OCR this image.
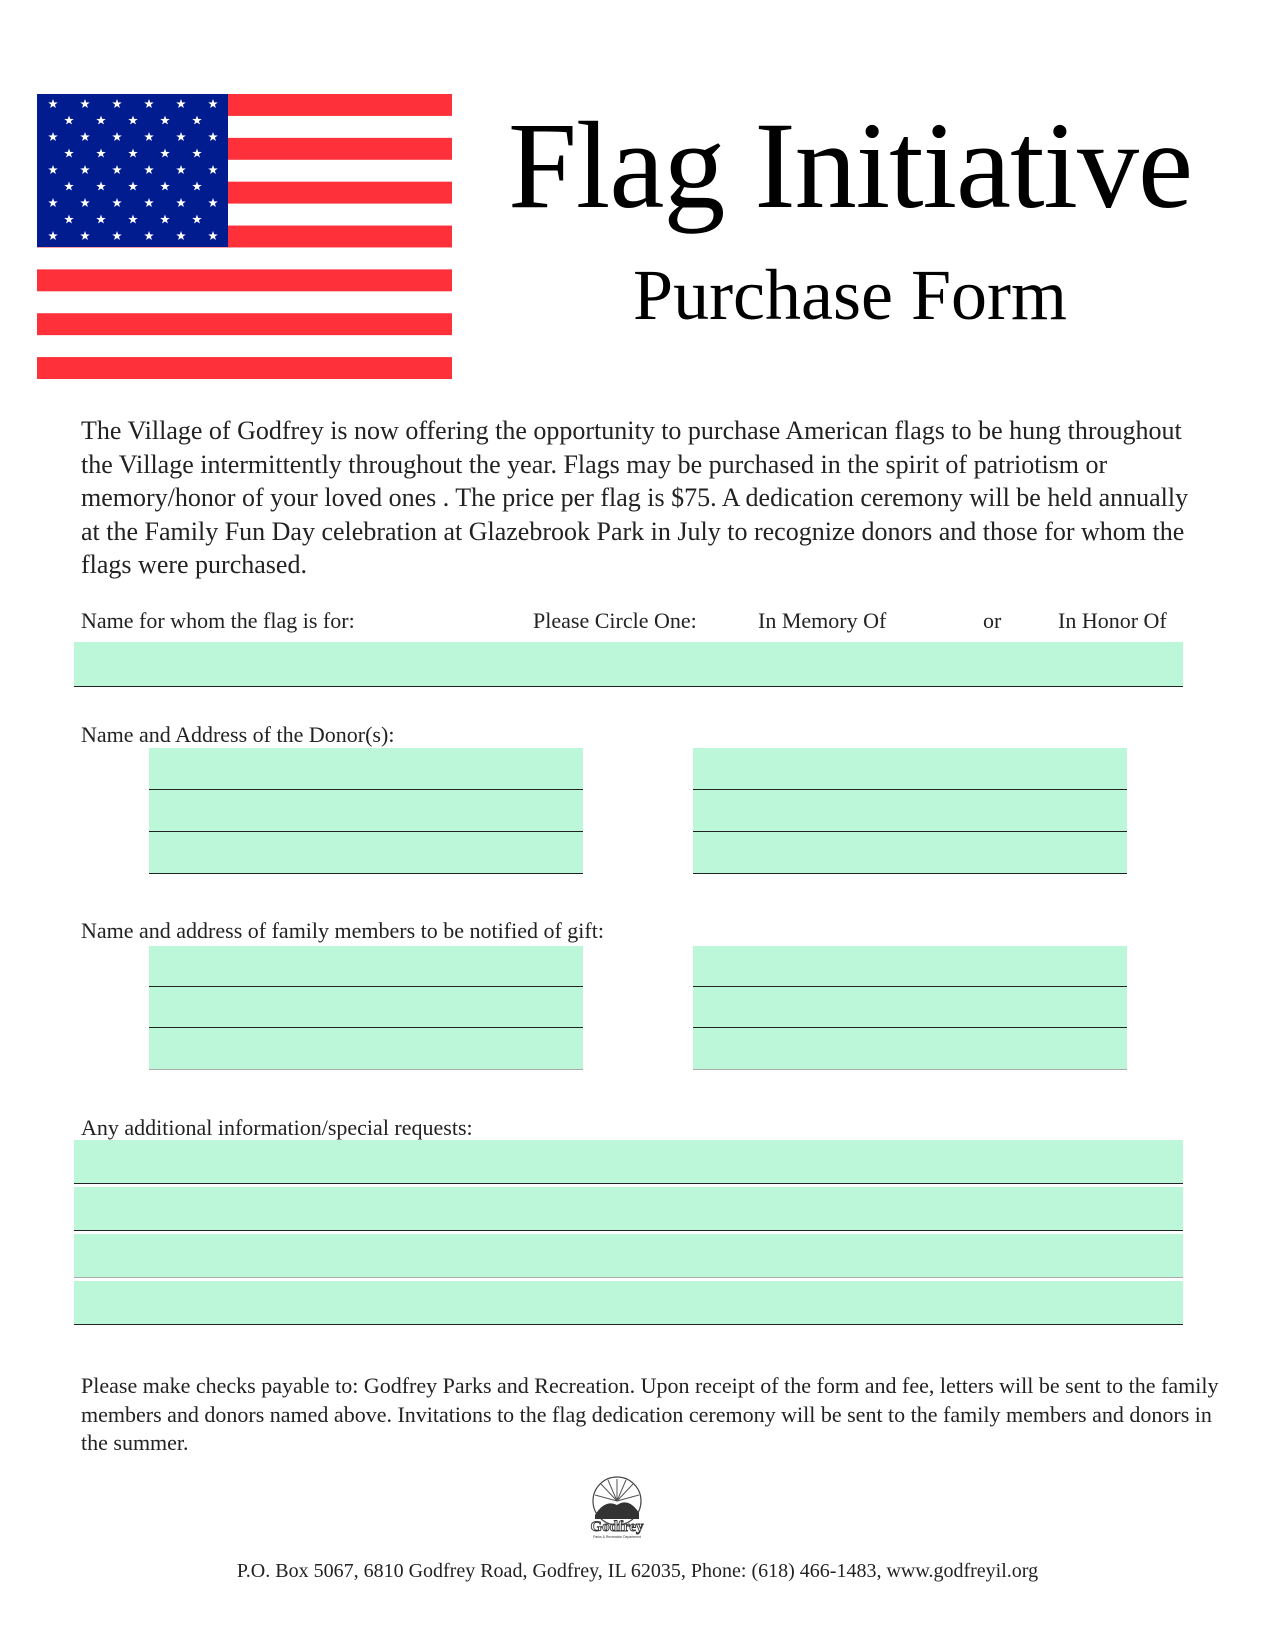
Flag Initiative
Purchase Form
The Village of Godfrey is now offering the opportunity to purchase American flags to be hung throughout the Village intermittently throughout the year. Flags may be purchased in the spirit of patriotism or memory/honor of your loved ones . The price per flag is $75. A dedication ceremony will be held annually at the Family Fun Day celebration at Glazebrook Park in July to recognize donors and those for whom the flags were purchased.
Name for whom the flag is for:	Please Circle One:	In Memory Of	or	In Honor Of
Name and Address of the Donor(s):
Name and address of family members to be notified of gift:
Any additional information/special requests:
Please make checks payable to: Godfrey Parks and Recreation. Upon receipt of the form and fee, letters will be sent to the family members and donors named above. Invitations to the flag dedication ceremony will be sent to the family members and donors in the summer.
Godfrey
Parks & Recreation Department
P.O. Box 5067, 6810 Godfrey Road, Godfrey, IL 62035, Phone: (618) 466-1483, www.godfreyil.org
